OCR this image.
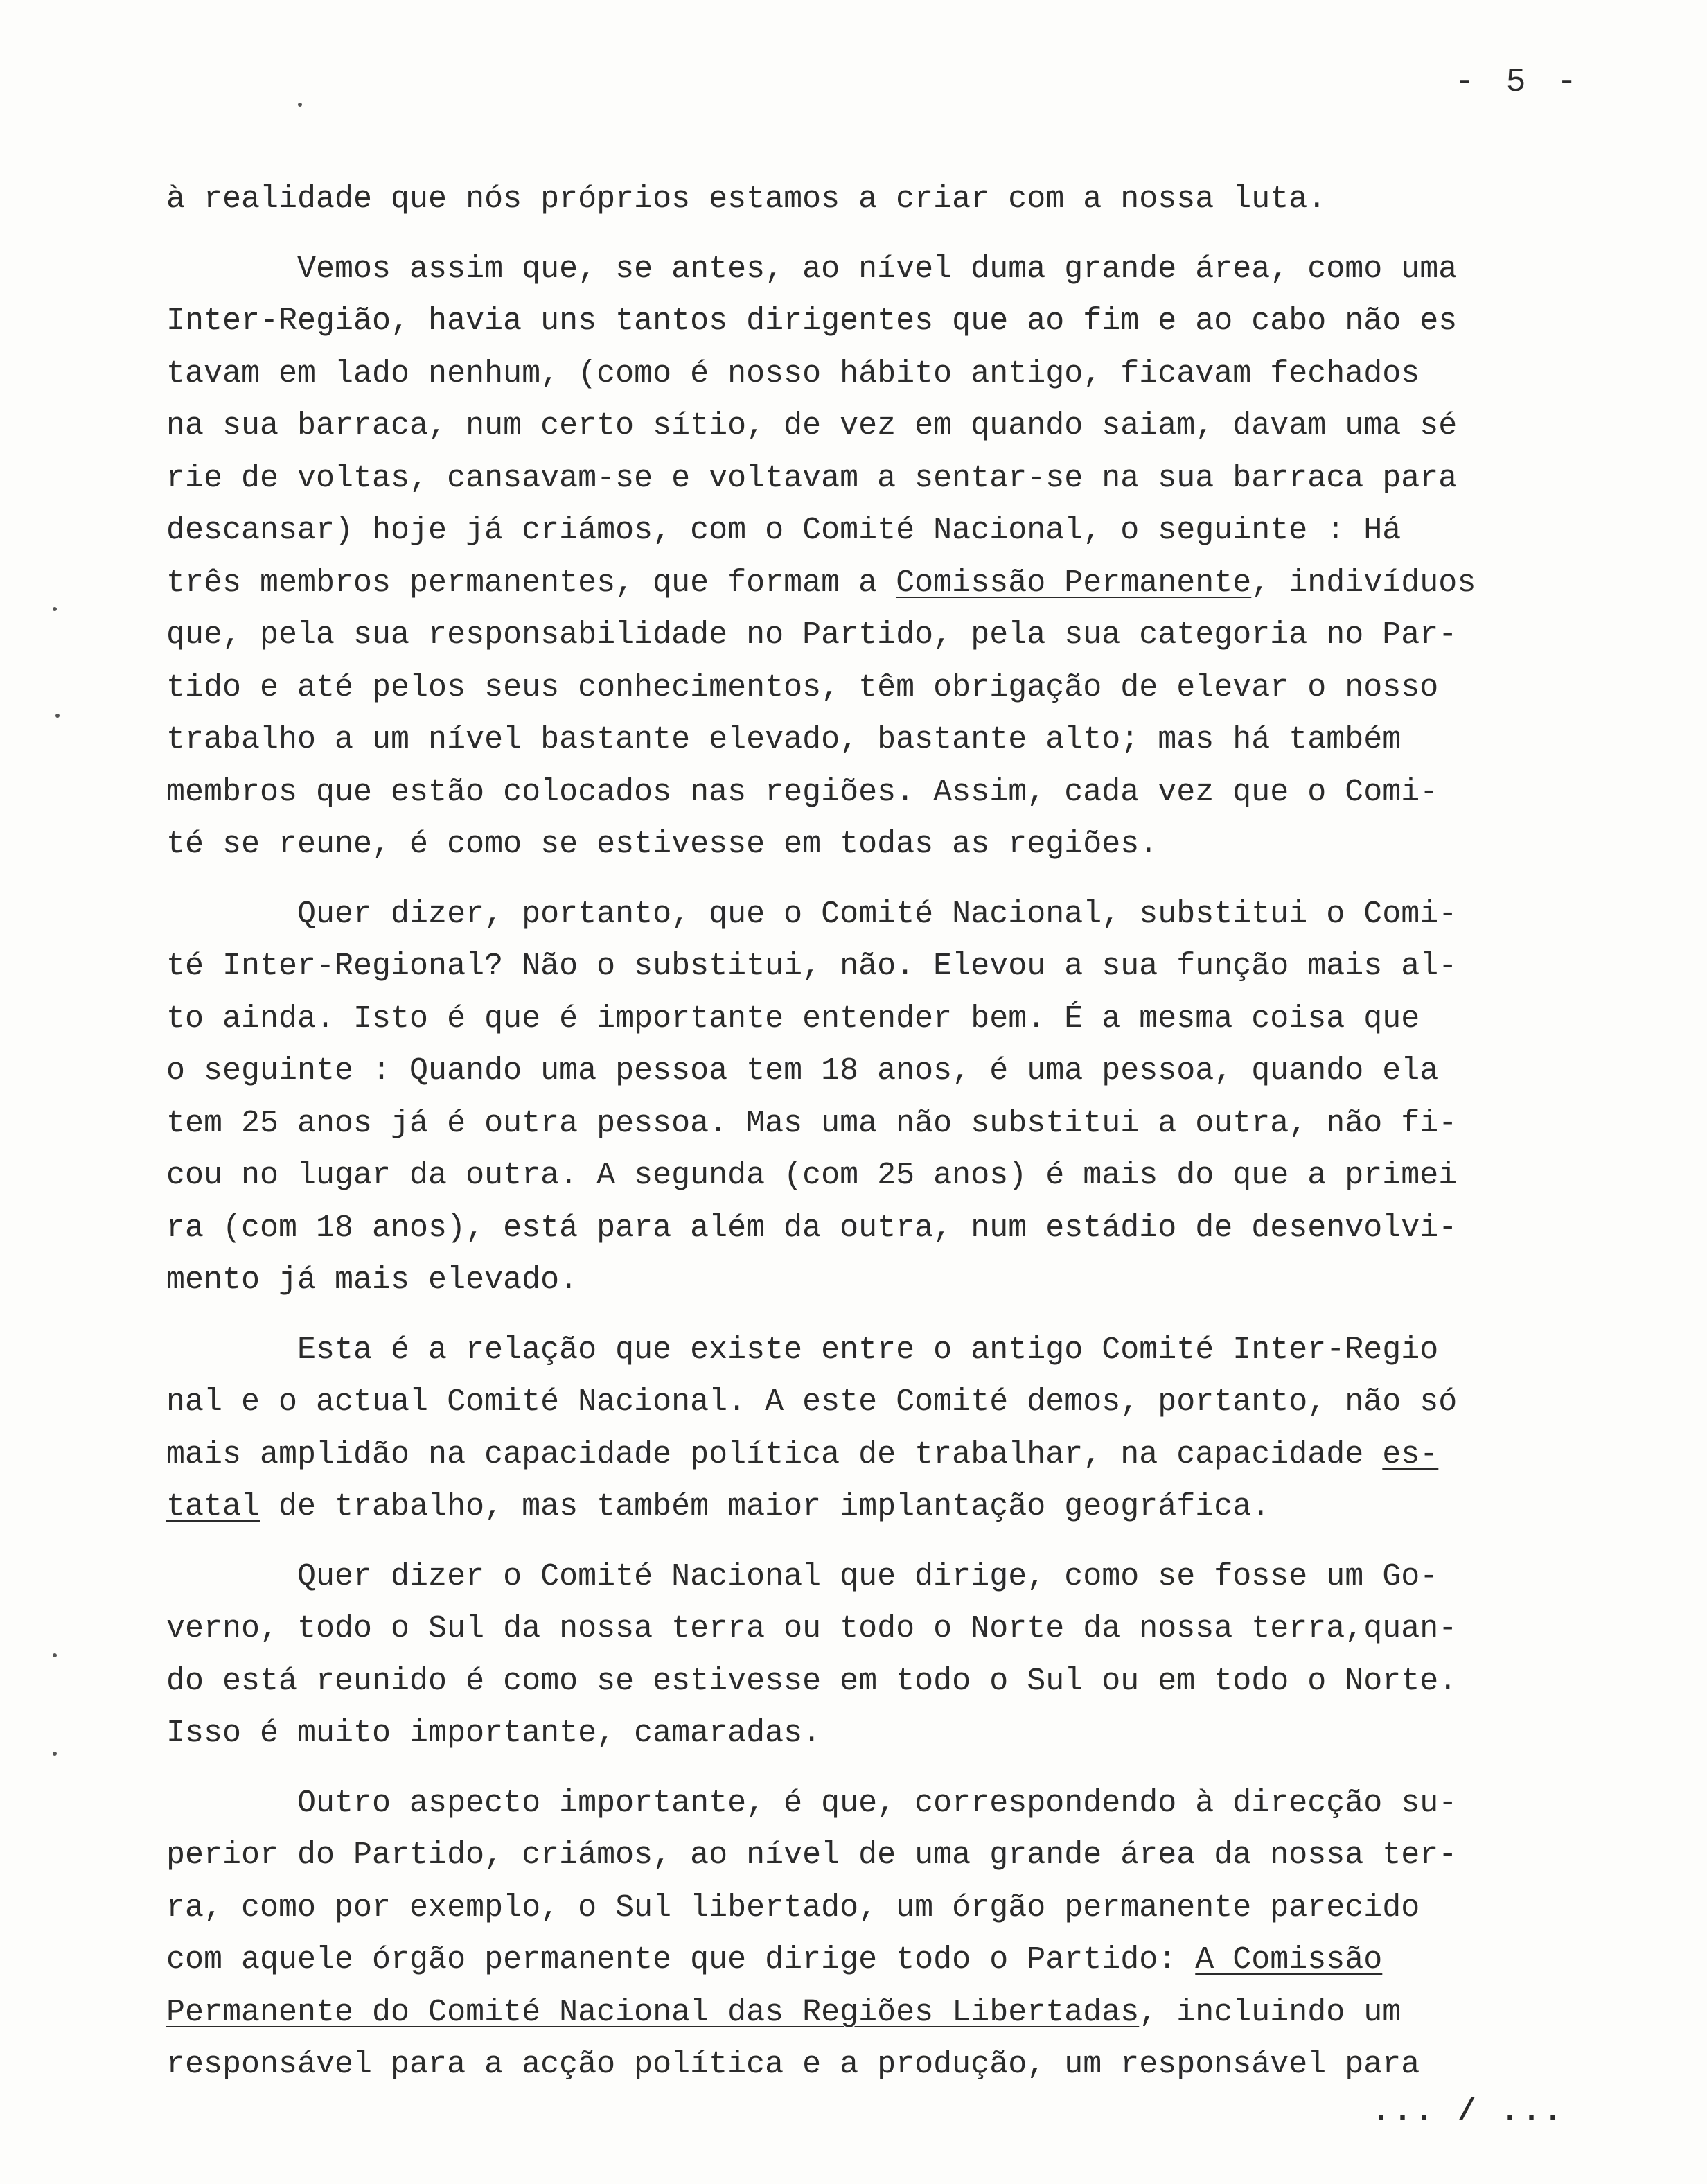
- 5 -

à realidade que nós próprios estamos a criar com a nossa luta.

Vemos assim que, se antes, ao nível duma grande área, como uma
Inter-Região, havia uns tantos dirigentes que ao fim e ao cabo não es
tavam em lado nenhum, (como é nosso hábito antigo, ficavam fechados
na sua barraca, num certo sítio, de vez em quando saiam, davam uma sé
rie de voltas, cansavam-se e voltavam a sentar-se na sua barraca para
descansar) hoje já criámos, com o Comité Nacional, o seguinte : Há
três membros permanentes, que formam a Comissão Permanente, indivíduos
que, pela sua responsabilidade no Partido, pela sua categoria no Par-
tido e até pelos seus conhecimentos, têm obrigação de elevar o nosso
trabalho a um nível bastante elevado, bastante alto; mas há também
membros que estão colocados nas regiões. Assim, cada vez que o Comi-
té se reune, é como se estivesse em todas as regiões.

Quer dizer, portanto, que o Comité Nacional, substitui o Comi-
té Inter-Regional? Não o substitui, não. Elevou a sua função mais al-
to ainda. Isto é que é importante entender bem. É a mesma coisa que
o seguinte : Quando uma pessoa tem 18 anos, é uma pessoa, quando ela
tem 25 anos já é outra pessoa. Mas uma não substitui a outra, não fi-
cou no lugar da outra. A segunda (com 25 anos) é mais do que a primei
ra (com 18 anos), está para além da outra, num estádio de desenvolvi-
mento já mais elevado.

Esta é a relação que existe entre o antigo Comité Inter-Regio
nal e o actual Comité Nacional. A este Comité demos, portanto, não só
mais amplidão na capacidade política de trabalhar, na capacidade es-
tatal de trabalho, mas também maior implantação geográfica.

Quer dizer o Comité Nacional que dirige, como se fosse um Go-
verno, todo o Sul da nossa terra ou todo o Norte da nossa terra,quan-
do está reunido é como se estivesse em todo o Sul ou em todo o Norte.
Isso é muito importante, camaradas.

Outro aspecto importante, é que, correspondendo à direcção su-
perior do Partido, criámos, ao nível de uma grande área da nossa ter-
ra, como por exemplo, o Sul libertado, um órgão permanente parecido
com aquele órgão permanente que dirige todo o Partido: A Comissão
Permanente do Comité Nacional das Regiões Libertadas, incluindo um
responsável para a acção política e a produção, um responsável para

... / ...
